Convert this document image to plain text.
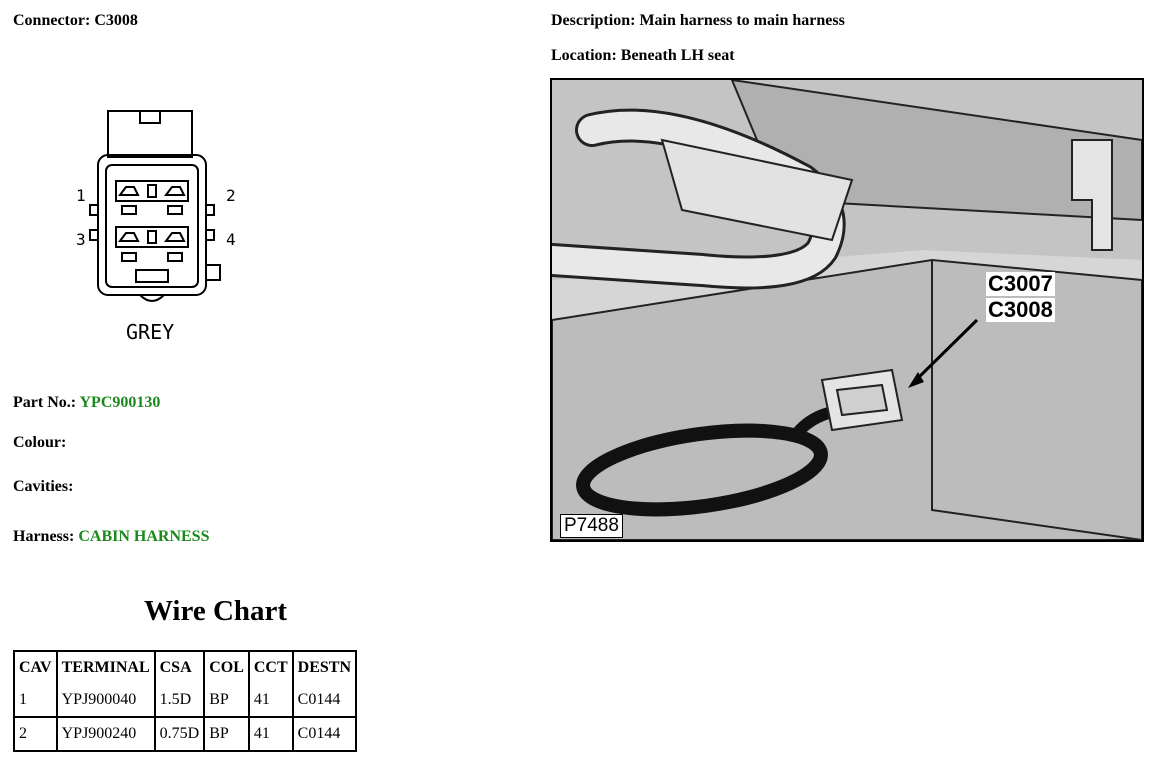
Connector: C3008	Description: Main harness to main harness
Location: Beneath LH seat
1	2
3	4
GREY
Part No.: YPC900130
Colour:
Cavities:
Harness: CABIN HARNESS
Wire Chart
CAV	TERMINAL	CSA	COL	CCT	DESTN
1	YPJ900040	1.5D	BP	41	C0144
2	YPJ900240	0.75D	BP	41	C0144
C3007
C3008
P7488
